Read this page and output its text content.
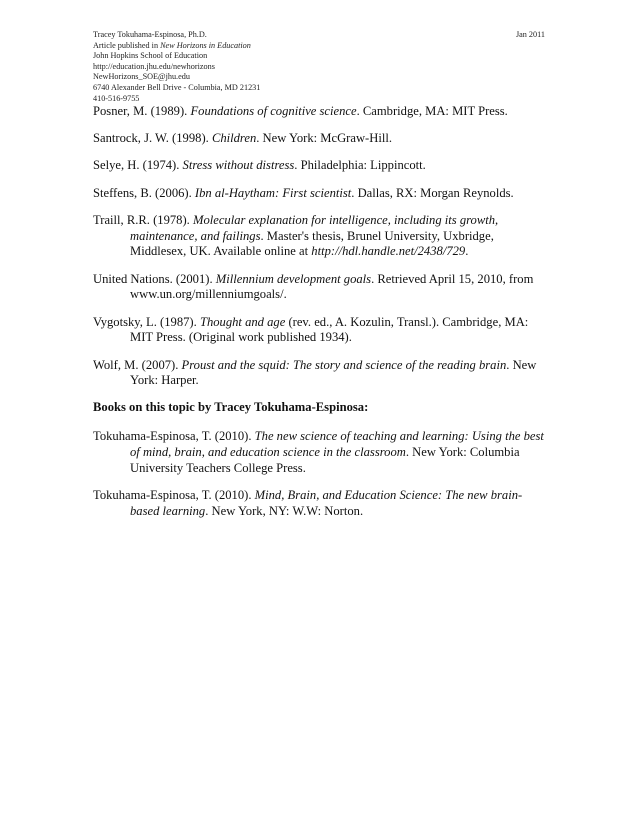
Tracey Tokuhama-Espinosa, Ph.D.	Jan 2011
Article published in New Horizons in Education
John Hopkins School of Education
http://education.jhu.edu/newhorizons
NewHorizons_SOE@jhu.edu
6740 Alexander Bell Drive - Columbia, MD 21231
410-516-9755

Posner, M. (1989). Foundations of cognitive science. Cambridge, MA: MIT Press.

Santrock, J. W. (1998). Children. New York: McGraw-Hill.

Selye, H. (1974). Stress without distress. Philadelphia: Lippincott.

Steffens, B. (2006). Ibn al-Haytham: First scientist. Dallas, RX: Morgan Reynolds.

Traill, R.R. (1978). Molecular explanation for intelligence, including its growth, maintenance, and failings. Master's thesis, Brunel University, Uxbridge, Middlesex, UK. Available online at http://hdl.handle.net/2438/729.

United Nations. (2001). Millennium development goals. Retrieved April 15, 2010, from www.un.org/millenniumgoals/.

Vygotsky, L. (1987). Thought and age (rev. ed., A. Kozulin, Transl.). Cambridge, MA: MIT Press. (Original work published 1934).

Wolf, M. (2007). Proust and the squid: The story and science of the reading brain. New York: Harper.

Books on this topic by Tracey Tokuhama-Espinosa:

Tokuhama-Espinosa, T. (2010). The new science of teaching and learning: Using the best of mind, brain, and education science in the classroom. New York: Columbia University Teachers College Press.

Tokuhama-Espinosa, T. (2010). Mind, Brain, and Education Science: The new brain-based learning. New York, NY: W.W: Norton.
